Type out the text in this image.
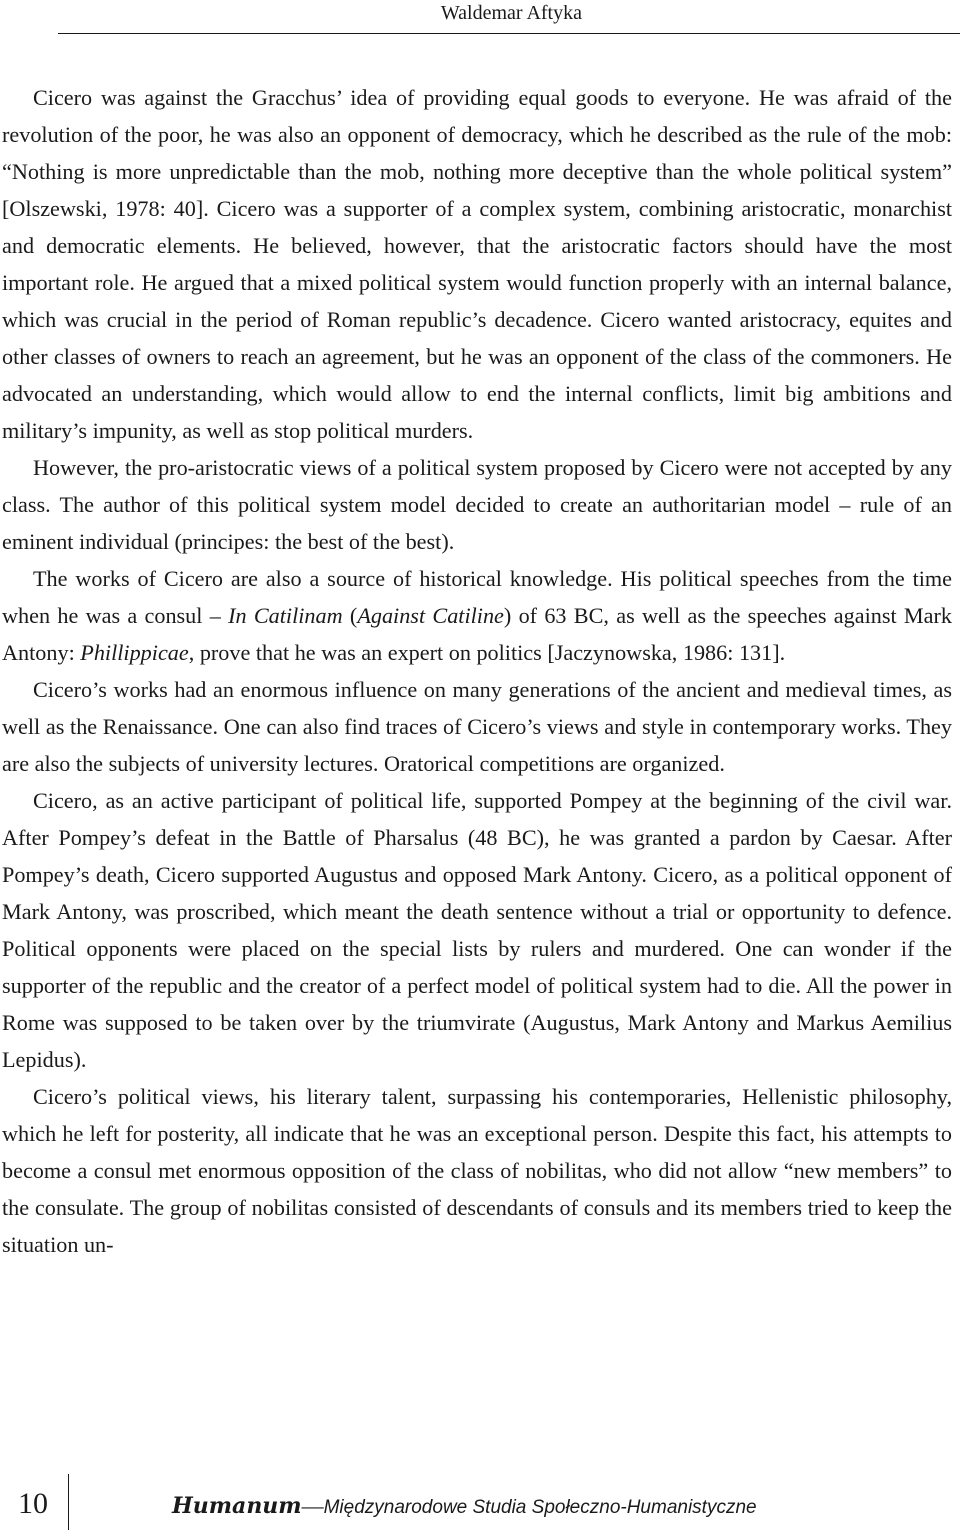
Waldemar Aftyka

Cicero was against the Gracchus’ idea of providing equal goods to everyone. He was afraid of the revolution of the poor, he was also an opponent of democracy, which he described as the rule of the mob: “Nothing is more unpredictable than the mob, nothing more deceptive than the whole political system” [Olszewski, 1978: 40]. Cicero was a supporter of a complex system, combining aristocratic, monarchist and democratic elements. He believed, however, that the aristocratic factors should have the most important role. He argued that a mixed political system would function properly with an internal balance, which was crucial in the period of Roman republic’s decadence. Cicero wanted aristocracy, equites and other classes of owners to reach an agreement, but he was an opponent of the class of the commoners. He advocated an understanding, which would allow to end the internal conflicts, limit big ambitions and military’s impunity, as well as stop political murders.

However, the pro-aristocratic views of a political system proposed by Cicero were not accepted by any class. The author of this political system model decided to create an authoritarian model – rule of an eminent individual (principes: the best of the best).

The works of Cicero are also a source of historical knowledge. His political speeches from the time when he was a consul – In Catilinam (Against Catiline) of 63 BC, as well as the speeches against Mark Antony: Phillippicae, prove that he was an expert on politics [Jaczynowska, 1986: 131].

Cicero’s works had an enormous influence on many generations of the ancient and medieval times, as well as the Renaissance. One can also find traces of Cicero’s views and style in contemporary works. They are also the subjects of university lectures. Oratorical competitions are organized.

Cicero, as an active participant of political life, supported Pompey at the beginning of the civil war. After Pompey’s defeat in the Battle of Pharsalus (48 BC), he was granted a pardon by Caesar. After Pompey’s death, Cicero supported Augustus and opposed Mark Antony. Cicero, as a political opponent of Mark Antony, was proscribed, which meant the death sentence without a trial or opportunity to defence. Political opponents were placed on the special lists by rulers and murdered. One can wonder if the supporter of the republic and the creator of a perfect model of political system had to die. All the power in Rome was supposed to be taken over by the triumvirate (Augustus, Mark Antony and Markus Aemilius Lepidus).

Cicero’s political views, his literary talent, surpassing his contemporaries, Hellenistic philosophy, which he left for posterity, all indicate that he was an exceptional person. Despite this fact, his attempts to become a consul met enormous opposition of the class of nobilitas, who did not allow “new members” to the consulate. The group of nobilitas consisted of descendants of consuls and its members tried to keep the situation un-

10	Humanum—Międzynarodowe Studia Społeczno-Humanistyczne
